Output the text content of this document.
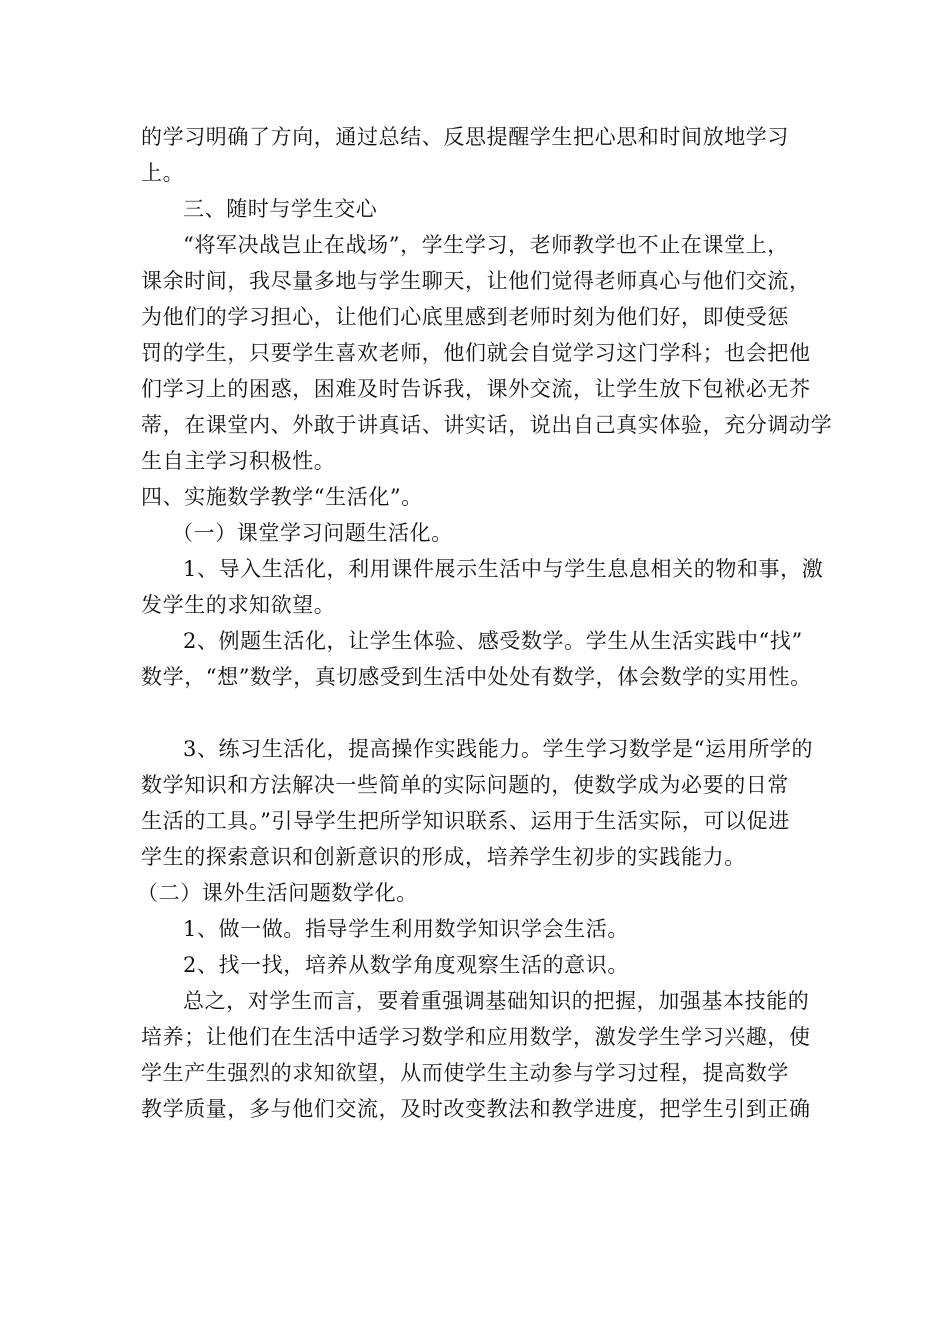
的学习明确了方向，通过总结、反思提醒学生把心思和时间放地学习
上。
三、随时与学生交心
“将军决战岂止在战场”，学生学习，老师教学也不止在课堂上，
课余时间，我尽量多地与学生聊天，让他们觉得老师真心与他们交流，
为他们的学习担心，让他们心底里感到老师时刻为他们好，即使受惩
罚的学生，只要学生喜欢老师，他们就会自觉学习这门学科；也会把他
们学习上的困惑，困难及时告诉我，课外交流，让学生放下包袱必无芥
蒂，在课堂内、外敢于讲真话、讲实话，说出自己真实体验，充分调动学
生自主学习积极性。
四、实施数学教学“生活化”。
（一）课堂学习问题生活化。
1、导入生活化，利用课件展示生活中与学生息息相关的物和事，激
发学生的求知欲望。
2、例题生活化，让学生体验、感受数学。学生从生活实践中“找”
数学，“想”数学，真切感受到生活中处处有数学，体会数学的实用性。
3、练习生活化，提高操作实践能力。学生学习数学是“运用所学的
数学知识和方法解决一些简单的实际问题的，使数学成为必要的日常
生活的工具。”引导学生把所学知识联系、运用于生活实际，可以促进
学生的探索意识和创新意识的形成，培养学生初步的实践能力。
（二）课外生活问题数学化。
1、做一做。指导学生利用数学知识学会生活。
2、找一找，培养从数学角度观察生活的意识。
总之，对学生而言，要着重强调基础知识的把握，加强基本技能的
培养；让他们在生活中适学习数学和应用数学，激发学生学习兴趣，使
学生产生强烈的求知欲望，从而使学生主动参与学习过程，提高数学
教学质量，多与他们交流，及时改变教法和教学进度，把学生引到正确
